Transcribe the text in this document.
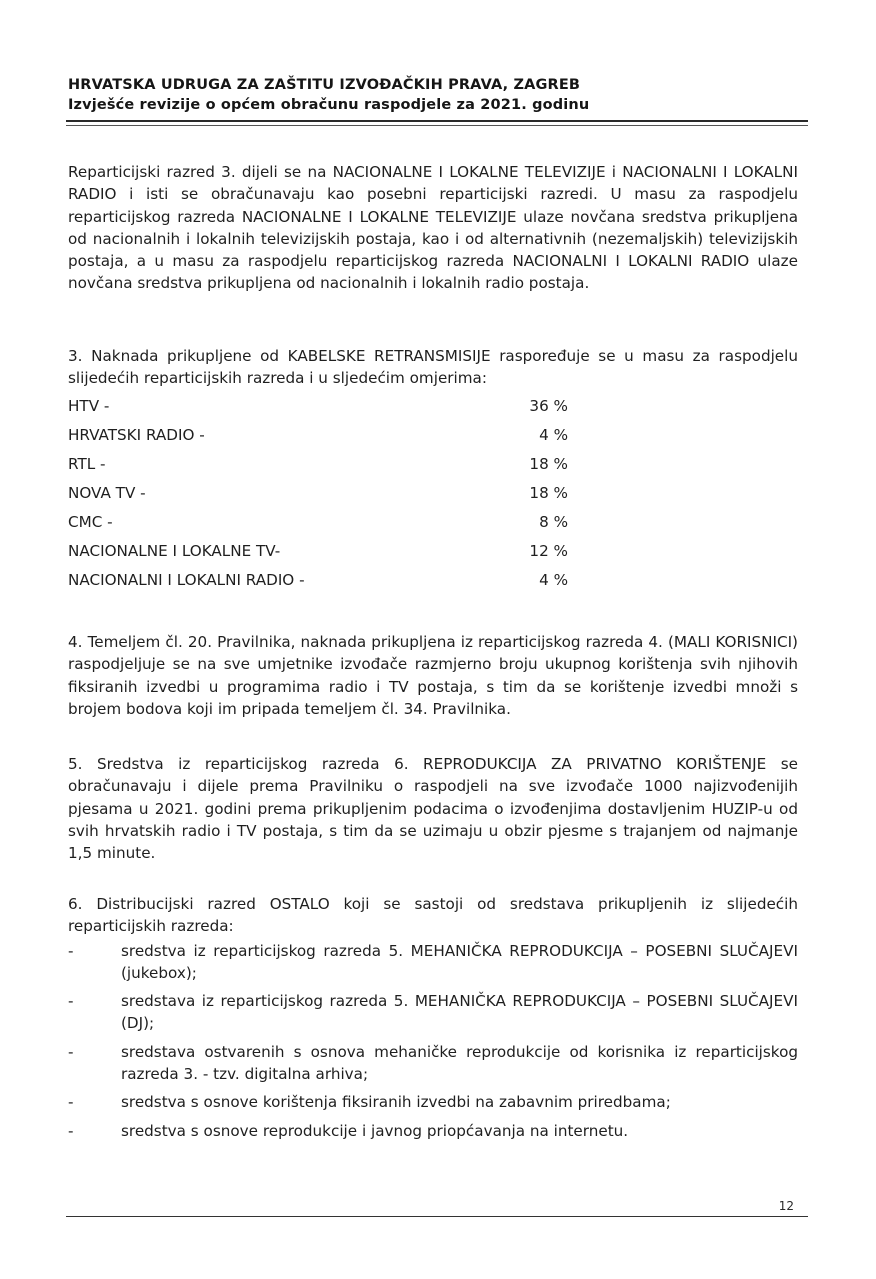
HRVATSKA UDRUGA ZA ZAŠTITU IZVOĐAČKIH PRAVA, ZAGREB
Izvješće revizije o općem obračunu raspodjele za 2021. godinu
Reparticijski razred 3. dijeli se na NACIONALNE I LOKALNE TELEVIZIJE i NACIONALNI I LOKALNI RADIO i isti se obračunavaju kao posebni reparticijski razredi. U masu za raspodjelu reparticijskog razreda NACIONALNE I LOKALNE TELEVIZIJE ulaze novčana sredstva prikupljena od nacionalnih i lokalnih televizijskih postaja, kao i od alternativnih (nezemaljskih) televizijskih postaja, a u masu za raspodjelu reparticijskog razreda NACIONALNI I LOKALNI RADIO ulaze novčana sredstva prikupljena od nacionalnih i lokalnih radio postaja.
3. Naknada prikupljene od KABELSKE RETRANSMISIJE raspoređuje se u masu za raspodjelu slijedećih reparticijskih razreda i u sljedećim omjerima:
HTV -	36 %
HRVATSKI RADIO -	4 %
RTL -	18 %
NOVA TV -	18 %
CMC -	8 %
NACIONALNE I LOKALNE TV-	12 %
NACIONALNI I LOKALNI RADIO -	4 %
4. Temeljem čl. 20. Pravilnika, naknada prikupljena iz reparticijskog razreda 4. (MALI KORISNICI) raspodjeljuje se na sve umjetnike izvođače razmjerno broju ukupnog korištenja svih njihovih fiksiranih izvedbi u programima radio i TV postaja, s tim da se korištenje izvedbi množi s brojem bodova koji im pripada temeljem čl. 34. Pravilnika.
5. Sredstva iz reparticijskog razreda 6. REPRODUKCIJA ZA PRIVATNO KORIŠTENJE se obračunavaju i dijele prema Pravilniku o raspodjeli na sve izvođače 1000 najizvođenijih pjesama u 2021. godini prema prikupljenim podacima o izvođenjima dostavljenim HUZIP-u od svih hrvatskih radio i TV postaja, s tim da se uzimaju u obzir pjesme s trajanjem od najmanje 1,5 minute.
6. Distribucijski razred OSTALO koji se sastoji od sredstava prikupljenih iz slijedećih reparticijskih razreda:
-	sredstva iz reparticijskog razreda 5. MEHANIČKA REPRODUKCIJA – POSEBNI SLUČAJEVI (jukebox);
-	sredstava iz reparticijskog razreda 5. MEHANIČKA REPRODUKCIJA – POSEBNI SLUČAJEVI (DJ);
-	sredstava ostvarenih s osnova mehaničke reprodukcije od korisnika iz reparticijskog razreda 3. - tzv. digitalna arhiva;
-	sredstva s osnove korištenja fiksiranih izvedbi na zabavnim priredbama;
-	sredstva s osnove reprodukcije i javnog priopćavanja na internetu.
12
